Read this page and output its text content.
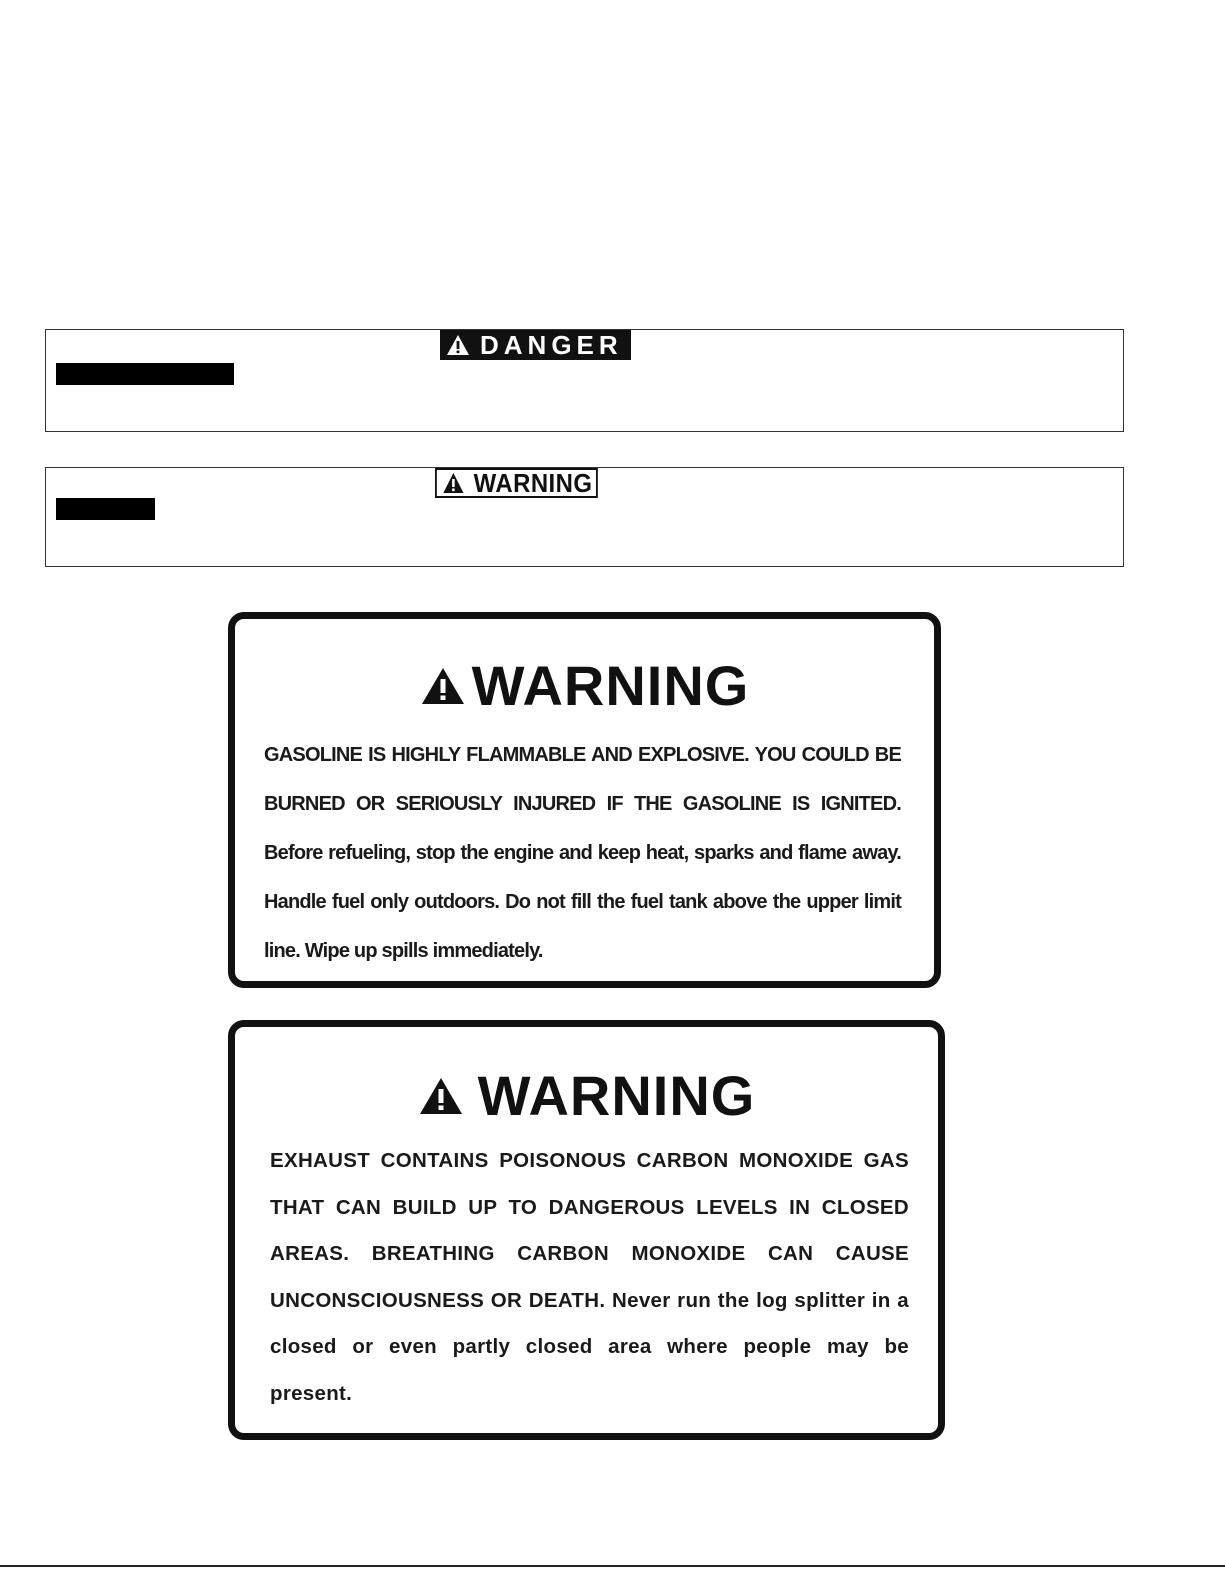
DANGER
WARNING
WARNING

GASOLINE IS HIGHLY FLAMMABLE AND EXPLOSIVE. YOU COULD BE BURNED OR SERIOUSLY INJURED IF THE GASOLINE IS IGNITED. Before refueling, stop the engine and keep heat, sparks and flame away. Handle fuel only outdoors. Do not fill the fuel tank above the upper limit line. Wipe up spills immediately.

WARNING

EXHAUST CONTAINS POISONOUS CARBON MONOXIDE GAS THAT CAN BUILD UP TO DANGEROUS LEVELS IN CLOSED AREAS. BREATHING CARBON MONOXIDE CAN CAUSE UNCONSCIOUSNESS OR DEATH. Never run the log splitter in a closed or even partly closed area where people may be present.
